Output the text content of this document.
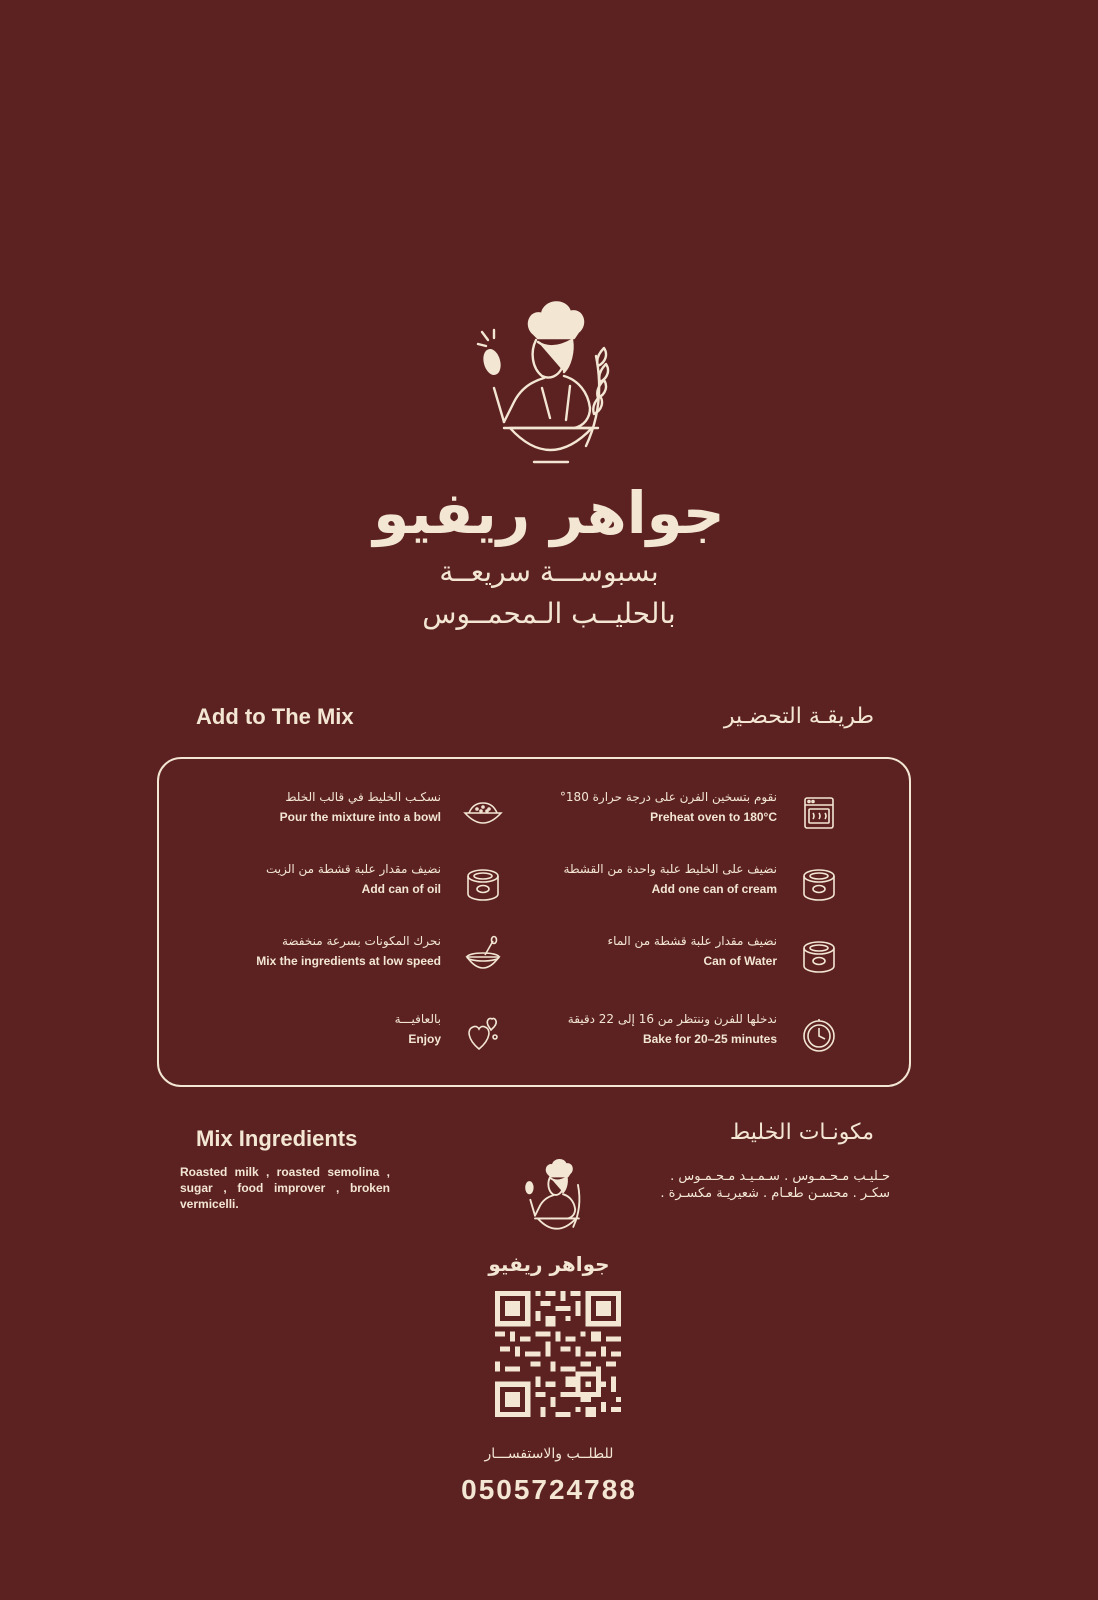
جواهر ريفيو
بسبوســـة سريعــة
بالحليــب الـمحمــوس
Add to The Mix	طريقـة التحضـير
نقوم بتسخين الفرن على درجة حرارة 180°
Preheat oven to 180°C
نضيف على الخليط علبة واحدة من القشطة
Add one can of cream
نضيف مقدار علبة قشطة من الماء
Can of Water
ندخلها للفرن وننتظر من 16 إلى 22 دقيقة
Bake for 20–25 minutes
نسكـب الخليط في قالب الخلط
Pour the mixture into a bowl
نضيف مقدار علبة قشطة من الزيت
Add can of oil
نحرك المكونات بسرعة منخفضة
Mix the ingredients at low speed
بالعافيـــة
Enjoy
Mix Ingredients	مكونـات الخليط
Roasted milk , roasted semolina , sugar , food improver , broken vermicelli.
حـليـب مـحـمـوس . سـمـيـد مـحـمـوس .
سكـر . محسـن طعـام . شعيريـة مكسـرة .
جواهر ريفيو
للطلــب والاستفســـار
0505724788
